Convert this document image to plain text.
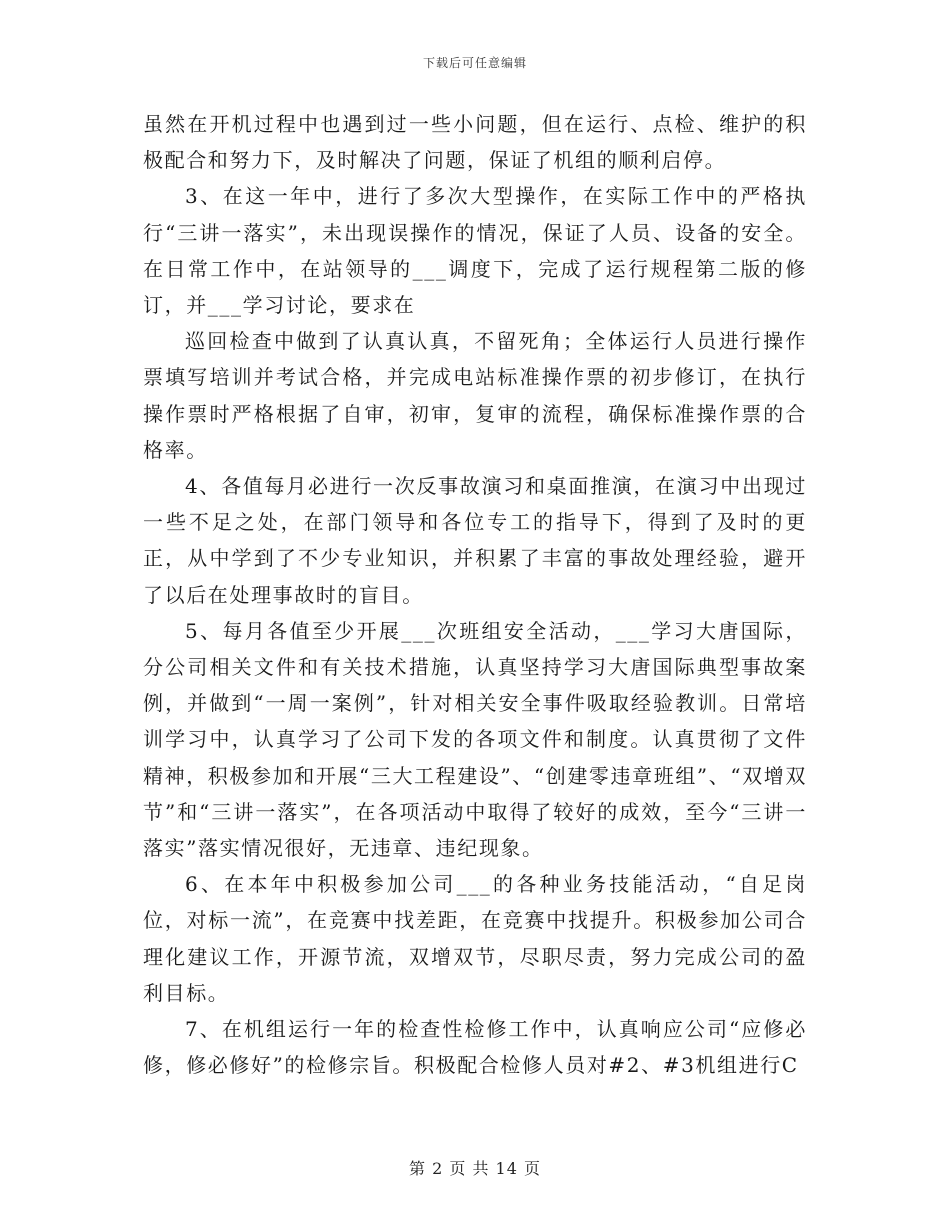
下载后可任意编辑

虽然在开机过程中也遇到过一些小问题，但在运行、点检、维护的积极配合和努力下，及时解决了问题，保证了机组的顺利启停。

3、在这一年中，进行了多次大型操作，在实际工作中的严格执行“三讲一落实”，未出现误操作的情况，保证了人员、设备的安全。在日常工作中，在站领导的___调度下，完成了运行规程第二版的修订，并___学习讨论，要求在

巡回检查中做到了认真认真，不留死角；全体运行人员进行操作票填写培训并考试合格，并完成电站标准操作票的初步修订，在执行操作票时严格根据了自审，初审，复审的流程，确保标准操作票的合格率。

4、各值每月必进行一次反事故演习和桌面推演，在演习中出现过一些不足之处，在部门领导和各位专工的指导下，得到了及时的更正，从中学到了不少专业知识，并积累了丰富的事故处理经验，避开了以后在处理事故时的盲目。

5、每月各值至少开展___次班组安全活动，___学习大唐国际，分公司相关文件和有关技术措施，认真坚持学习大唐国际典型事故案例，并做到“一周一案例”，针对相关安全事件吸取经验教训。日常培训学习中，认真学习了公司下发的各项文件和制度。认真贯彻了文件精神，积极参加和开展“三大工程建设”、“创建零违章班组”、“双增双节”和“三讲一落实”，在各项活动中取得了较好的成效，至今“三讲一落实”落实情况很好，无违章、违纪现象。

6、在本年中积极参加公司___的各种业务技能活动，“自足岗位，对标一流”，在竞赛中找差距，在竞赛中找提升。积极参加公司合理化建议工作，开源节流，双增双节，尽职尽责，努力完成公司的盈利目标。

7、在机组运行一年的检查性检修工作中，认真响应公司“应修必修，修必修好”的检修宗旨。积极配合检修人员对#2、#3机组进行C

第 2 页 共 14 页
